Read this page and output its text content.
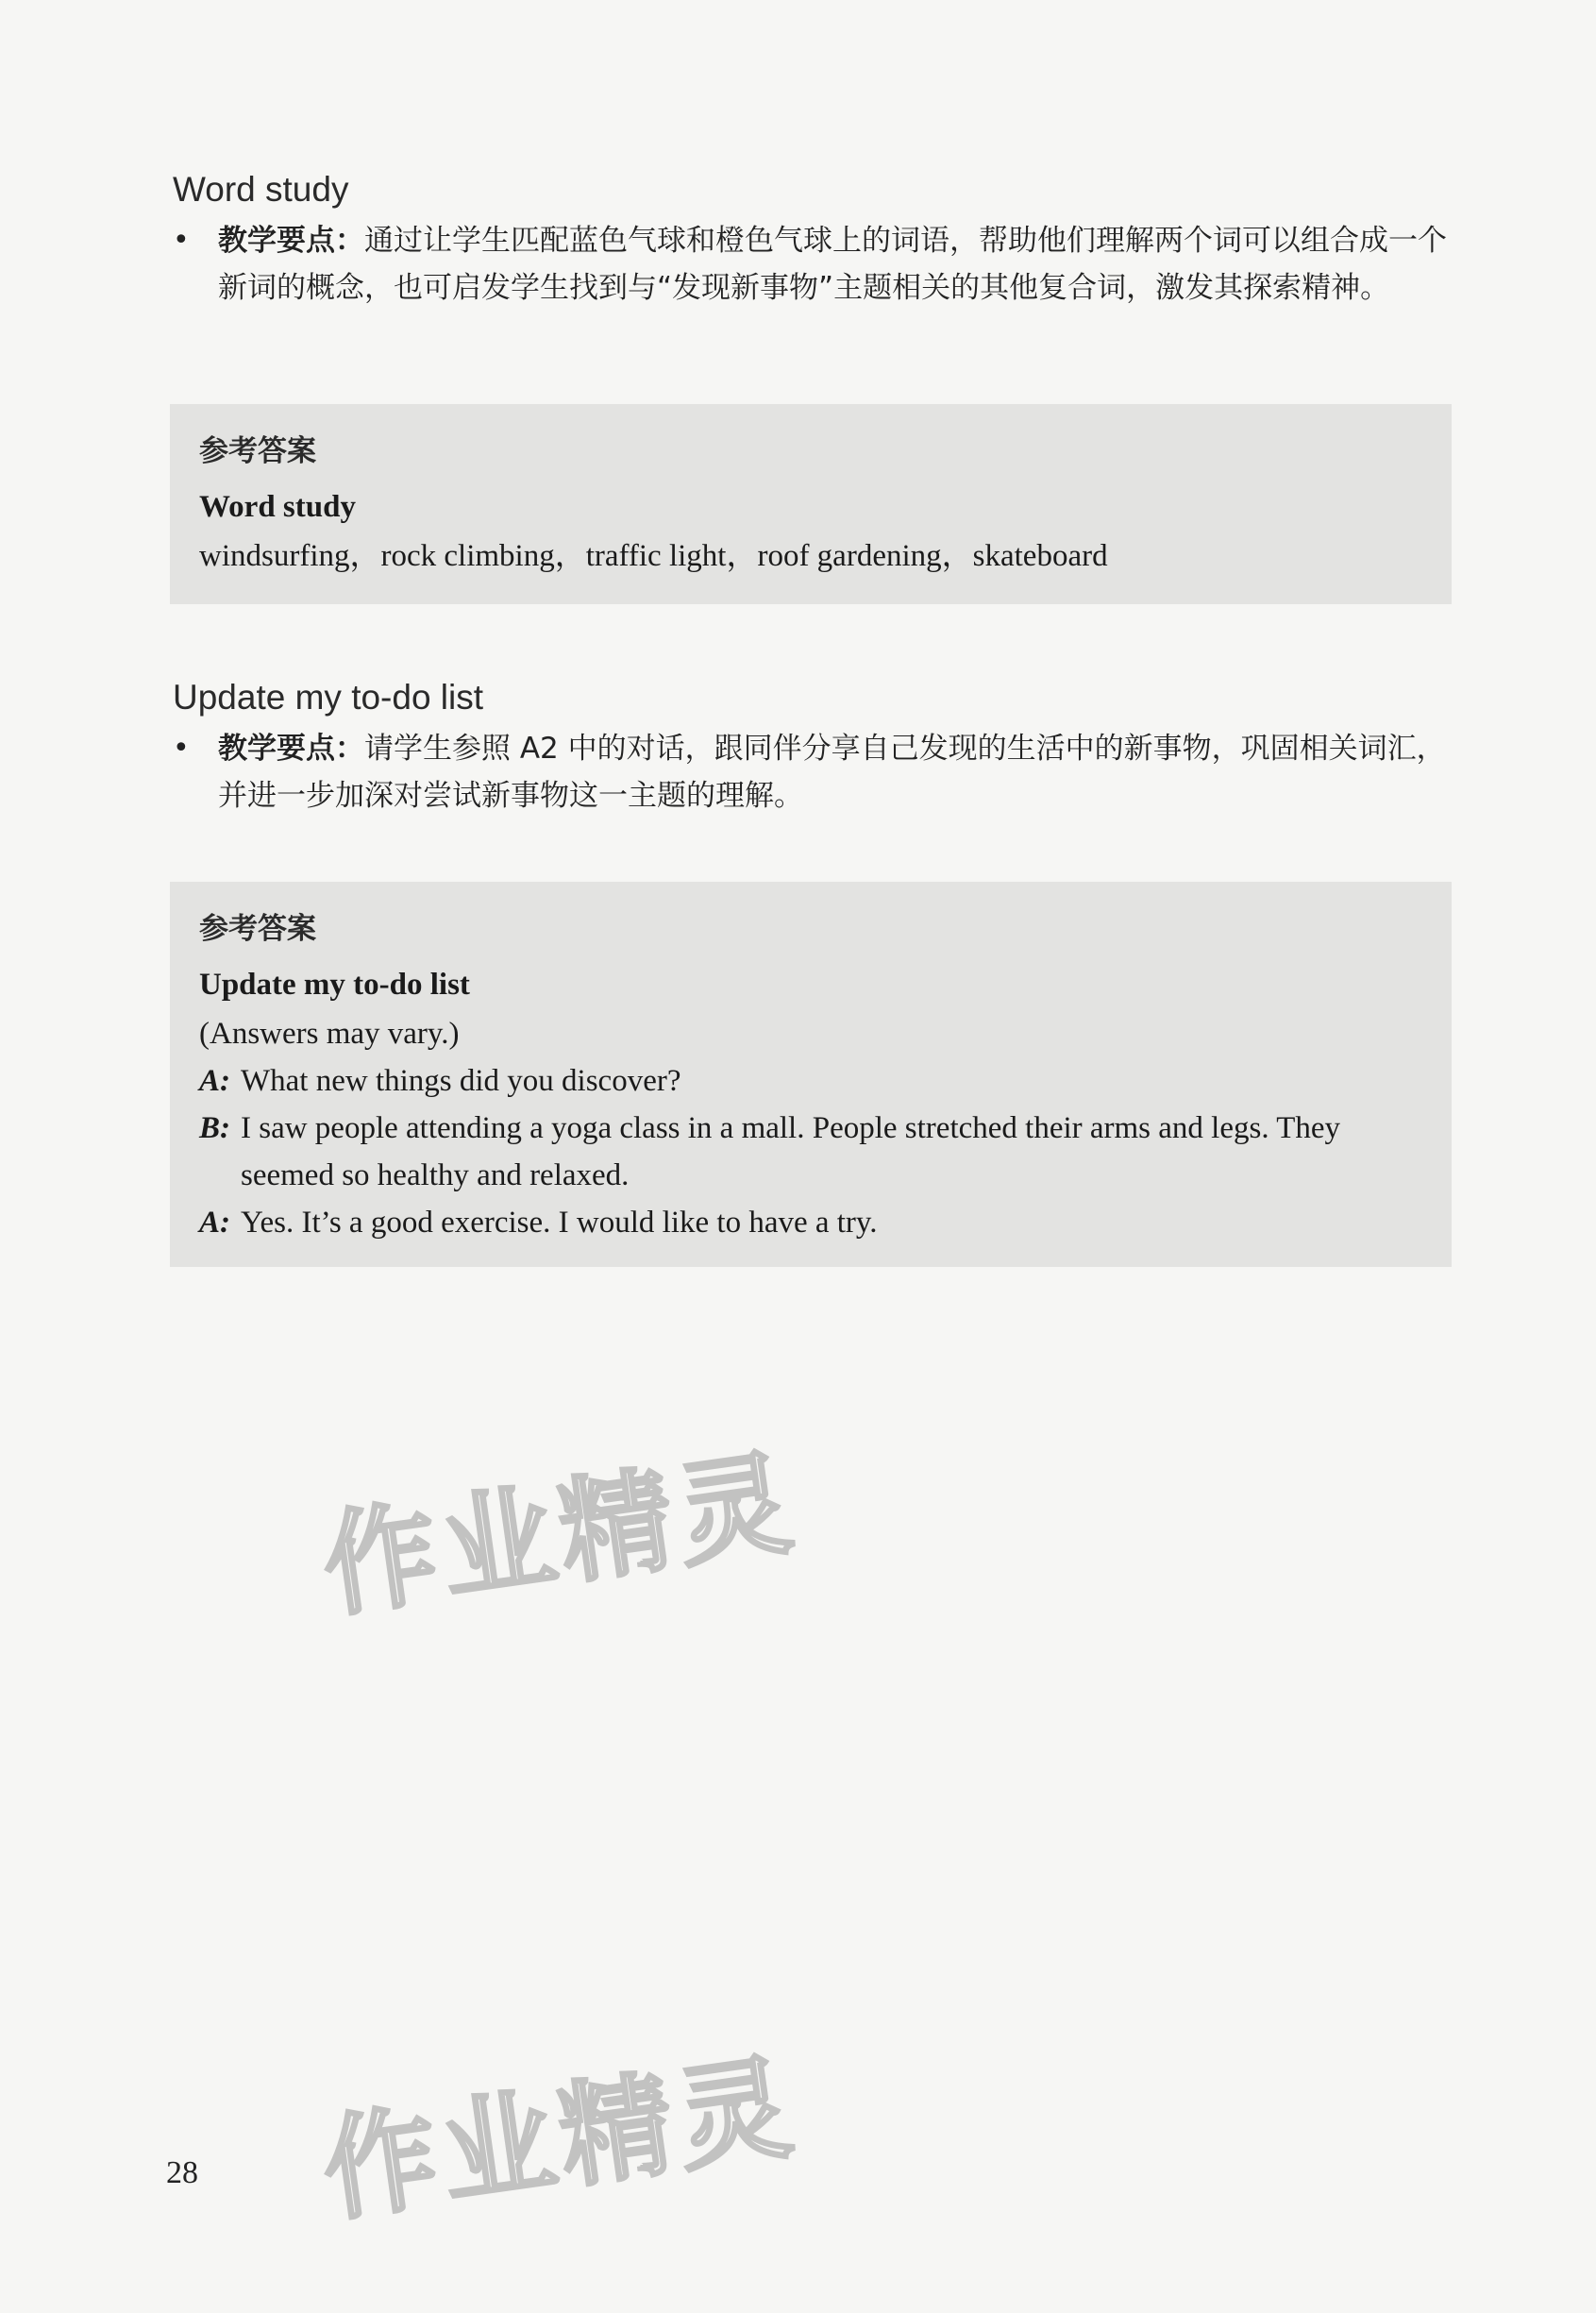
Word study
• 教学要点：通过让学生匹配蓝色气球和橙色气球上的词语，帮助他们理解两个词可以组合成一个新词的概念，也可启发学生找到与“发现新事物”主题相关的其他复合词，激发其探索精神。
参考答案
Word study
windsurfing，rock climbing，traffic light，roof gardening，skateboard
Update my to-do list
• 教学要点：请学生参照 A2 中的对话，跟同伴分享自己发现的生活中的新事物，巩固相关词汇，并进一步加深对尝试新事物这一主题的理解。
参考答案
Update my to-do list
(Answers may vary.)
A: What new things did you discover?
B: I saw people attending a yoga class in a mall. People stretched their arms and legs. They seemed so healthy and relaxed.
A: Yes. It’s a good exercise. I would like to have a try.
作业精灵
作业精灵
28
